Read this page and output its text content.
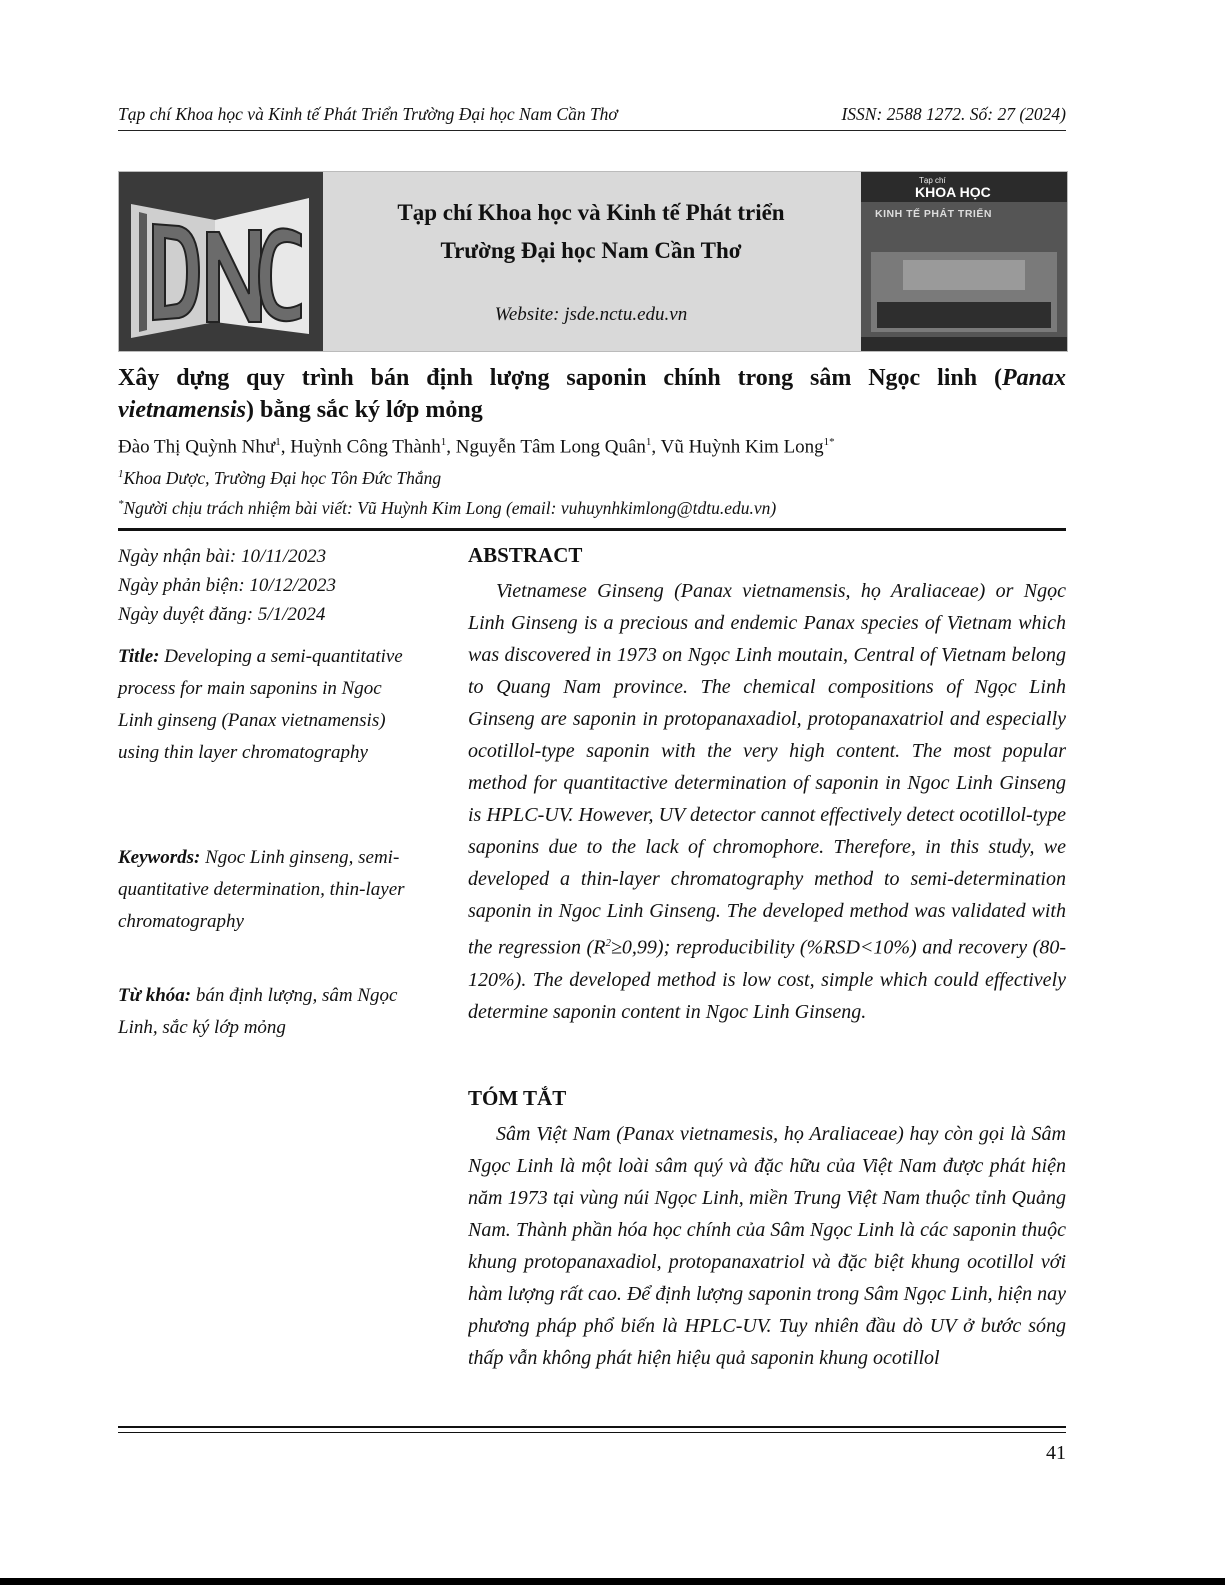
Tạp chí Khoa học và Kinh tế Phát Triển Trường Đại học Nam Cần Thơ	ISSN: 2588 1272. Số: 27 (2024)
Tạp chí Khoa học và Kinh tế Phát triển
Trường Đại học Nam Cần Thơ
Website: jsde.nctu.edu.vn
Tạp chí
KHOA HỌC
KINH TẾ PHÁT TRIỂN
Xây dựng quy trình bán định lượng saponin chính trong sâm Ngọc linh (Panax vietnamensis) bằng sắc ký lớp mỏng
Đào Thị Quỳnh Như$^1$, Huỳnh Công Thành$^1$, Nguyễn Tâm Long Quân$^1$, Vũ Huỳnh Kim Long$^{1*}$
$^1$Khoa Dược, Trường Đại học Tôn Đức Thắng
*Người chịu trách nhiệm bài viết: Vũ Huỳnh Kim Long (email: vuhuynhkimlong@tdtu.edu.vn)
Ngày nhận bài: 10/11/2023
Ngày phản biện: 10/12/2023
Ngày duyệt đăng: 5/1/2024
Title: Developing a semi-quantitative process for main saponins in Ngoc Linh ginseng (Panax vietnamensis) using thin layer chromatography
Keywords: Ngoc Linh ginseng, semi-quantitative determination, thin-layer chromatography
Từ khóa: bán định lượng, sâm Ngọc Linh, sắc ký lớp mỏng
ABSTRACT
Vietnamese Ginseng (Panax vietnamensis, họ Araliaceae) or Ngọc Linh Ginseng is a precious and endemic Panax species of Vietnam which was discovered in 1973 on Ngọc Linh moutain, Central of Vietnam belong to Quang Nam province. The chemical compositions of Ngọc Linh Ginseng are saponin in protopanaxadiol, protopanaxatriol and especially ocotillol-type saponin with the very high content. The most popular method for quantitactive determination of saponin in Ngoc Linh Ginseng is HPLC-UV. However, UV detector cannot effectively detect ocotillol-type saponins due to the lack of chromophore. Therefore, in this study, we developed a thin-layer chromatography method to semi-determination saponin in Ngoc Linh Ginseng. The developed method was validated with the regression $(R^2\ge 0,99)$; reproducibility (%RSD<10%) and recovery (80-120%). The developed method is low cost, simple which could effectively determine saponin content in Ngoc Linh Ginseng.
TÓM TẮT
Sâm Việt Nam (Panax vietnamesis, họ Araliaceae) hay còn gọi là Sâm Ngọc Linh là một loài sâm quý và đặc hữu của Việt Nam được phát hiện năm 1973 tại vùng núi Ngọc Linh, miền Trung Việt Nam thuộc tỉnh Quảng Nam. Thành phần hóa học chính của Sâm Ngọc Linh là các saponin thuộc khung protopanaxadiol, protopanaxatriol và đặc biệt khung ocotillol với hàm lượng rất cao. Để định lượng saponin trong Sâm Ngọc Linh, hiện nay phương pháp phổ biến là HPLC-UV. Tuy nhiên đầu dò UV ở bước sóng thấp vẫn không phát hiện hiệu quả saponin khung ocotillol
41
